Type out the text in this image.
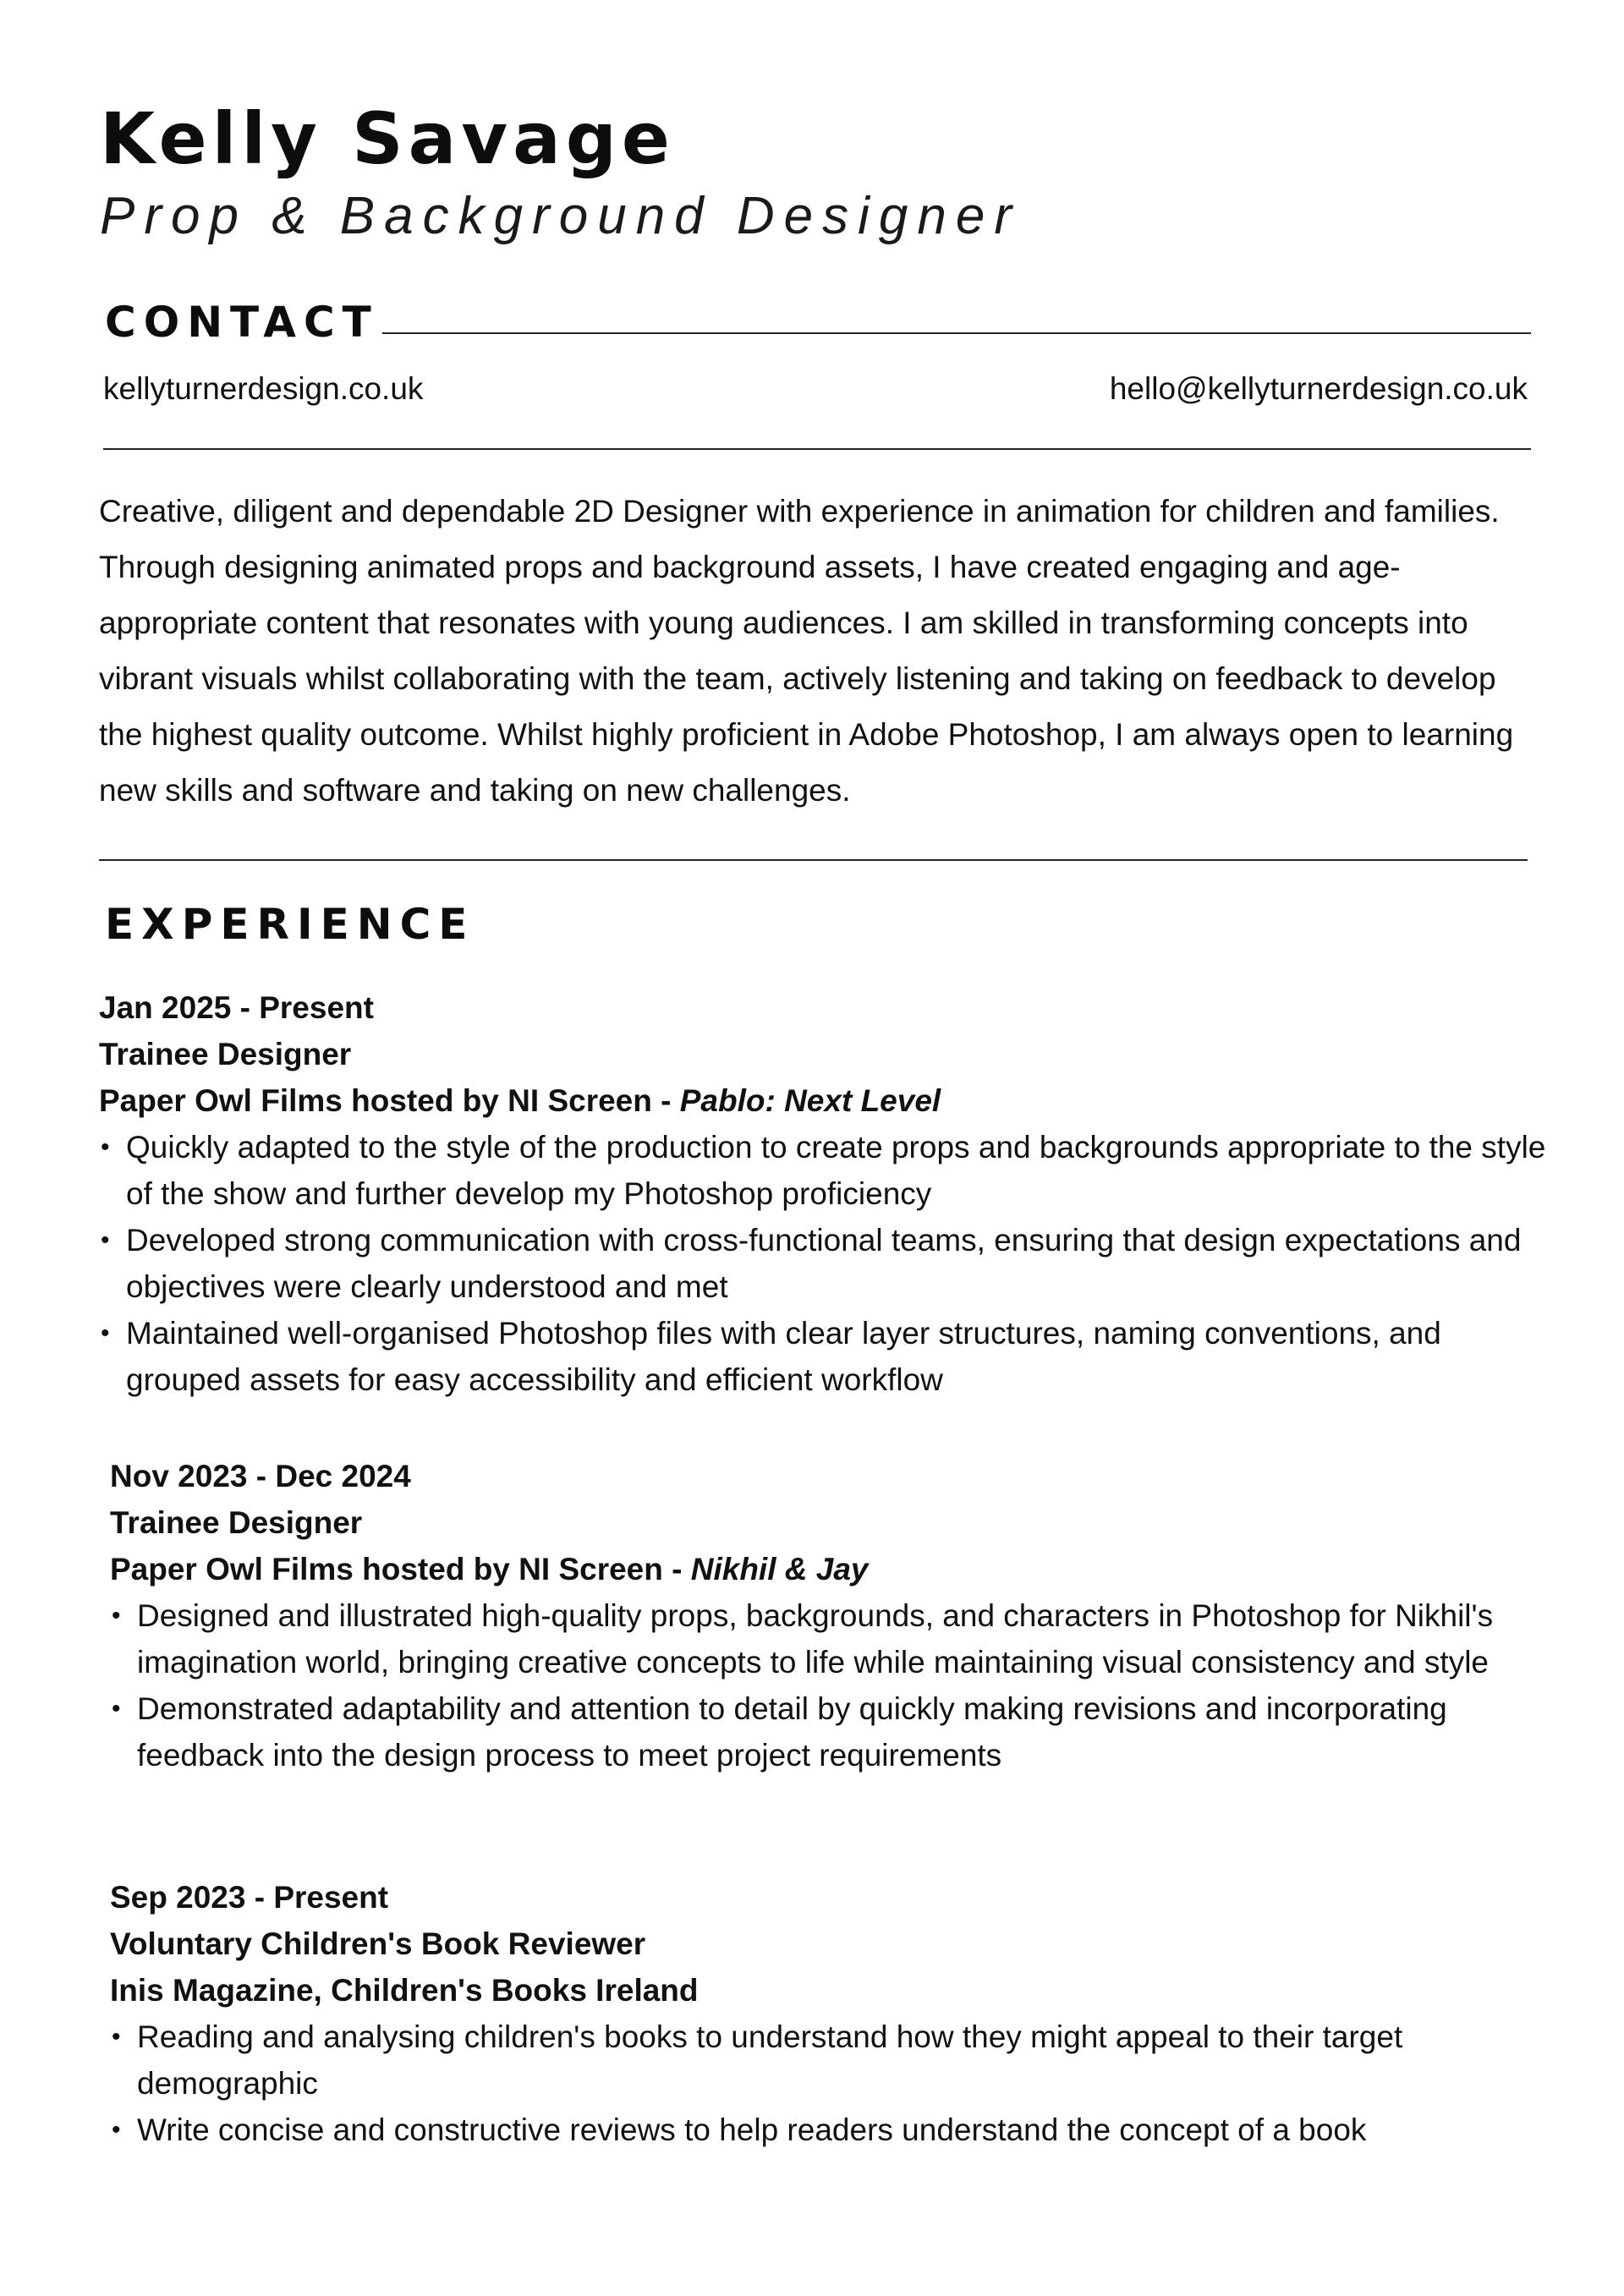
Kelly Savage
Prop & Background Designer
CONTACT

kellyturnerdesign.co.uk	hello@kellyturnerdesign.co.uk

Creative, diligent and dependable 2D Designer with experience in animation for children and families. Through designing animated props and background assets, I have created engaging and age-appropriate content that resonates with young audiences. I am skilled in transforming concepts into vibrant visuals whilst collaborating with the team, actively listening and taking on feedback to develop the highest quality outcome. Whilst highly proficient in Adobe Photoshop, I am always open to learning new skills and software and taking on new challenges.

EXPERIENCE

Jan 2025 - Present

Trainee Designer

Paper Owl Films hosted by NI Screen - Pablo: Next Level

• Quickly adapted to the style of the production to create props and backgrounds appropriate to the style of the show and further develop my Photoshop proficiency
• Developed strong communication with cross-functional teams, ensuring that design expectations and objectives were clearly understood and met
• Maintained well-organised Photoshop files with clear layer structures, naming conventions, and grouped assets for easy accessibility and efficient workflow

Nov 2023 - Dec 2024

Trainee Designer

Paper Owl Films hosted by NI Screen - Nikhil & Jay

• Designed and illustrated high-quality props, backgrounds, and characters in Photoshop for Nikhil's imagination world, bringing creative concepts to life while maintaining visual consistency and style
• Demonstrated adaptability and attention to detail by quickly making revisions and incorporating feedback into the design process to meet project requirements

Sep 2023 - Present

Voluntary Children's Book Reviewer

Inis Magazine, Children's Books Ireland

• Reading and analysing children's books to understand how they might appeal to their target demographic
• Write concise and constructive reviews to help readers understand the concept of a book
